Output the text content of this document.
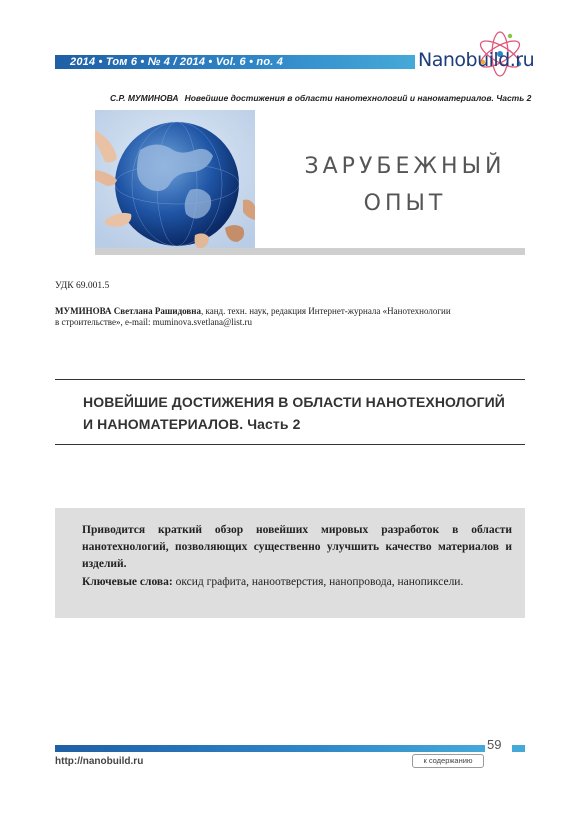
2014 • Том 6 • № 4 / 2014 • Vol. 6 • no. 4	Nanobuild.ru
С.Р. МУМИНОВА Новейшие достижения в области нанотехнологий и наноматериалов. Часть 2
ЗАРУБЕЖНЫЙ
ОПЫТ
УДК 69.001.5
МУМИНОВА Светлана Рашидовна, канд. техн. наук, редакция Интернет-журнала «Нанотехнологии
в строительстве», e-mail: muminova.svetlana@list.ru
НОВЕЙШИЕ ДОСТИЖЕНИЯ В ОБЛАСТИ НАНОТЕХНОЛОГИЙ
И НАНОМАТЕРИАЛОВ. Часть 2
Приводится краткий обзор новейших мировых разработок в области нанотехнологий, позволяющих существенно улучшить качество материалов и изделий.
Ключевые слова: оксид графита, наноотверстия, нанопровода, нанопиксели.
59
http://nanobuild.ru	к содержанию
